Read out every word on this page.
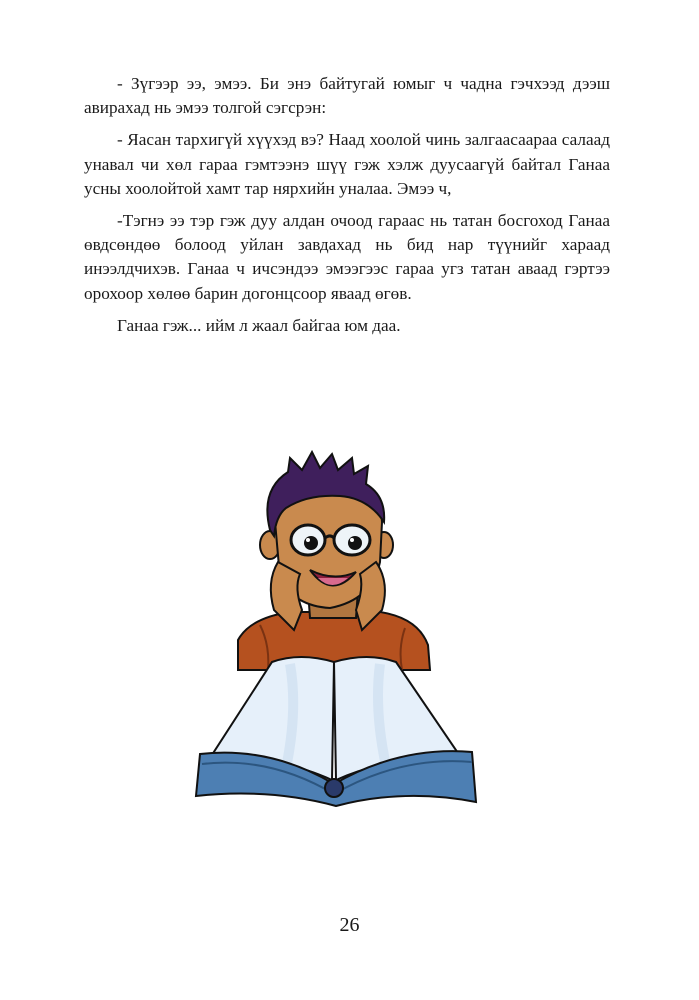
- Зүгээр ээ, эмээ. Би энэ байтугай юмыг ч чадна гэчхээд дээш авирахад нь эмээ толгой сэгсрэн:

- Яасан тархигүй хүүхэд вэ? Наад хоолой чинь залгаасаараа салаад унавал чи хөл гараа гэмтээнэ шүү гэж хэлж дуусаагүй байтал Ганаа усны хоолойтой хамт тар нярхийн уналаа. Эмээ ч,

-Тэгнэ ээ тэр гэж дуу алдан очоод гараас нь татан босгоход Ганаа өвдсөндөө болоод уйлан завдахад нь бид нар түүнийг хараад инээлдчихэв. Ганаа ч ичсэндээ эмээгээс гараа угз татан аваад гэртээ орохоор хөлөө барин догонцсоор яваад өгөв.

Ганаа гэж... ийм л жаал байгаа юм даа.

26
